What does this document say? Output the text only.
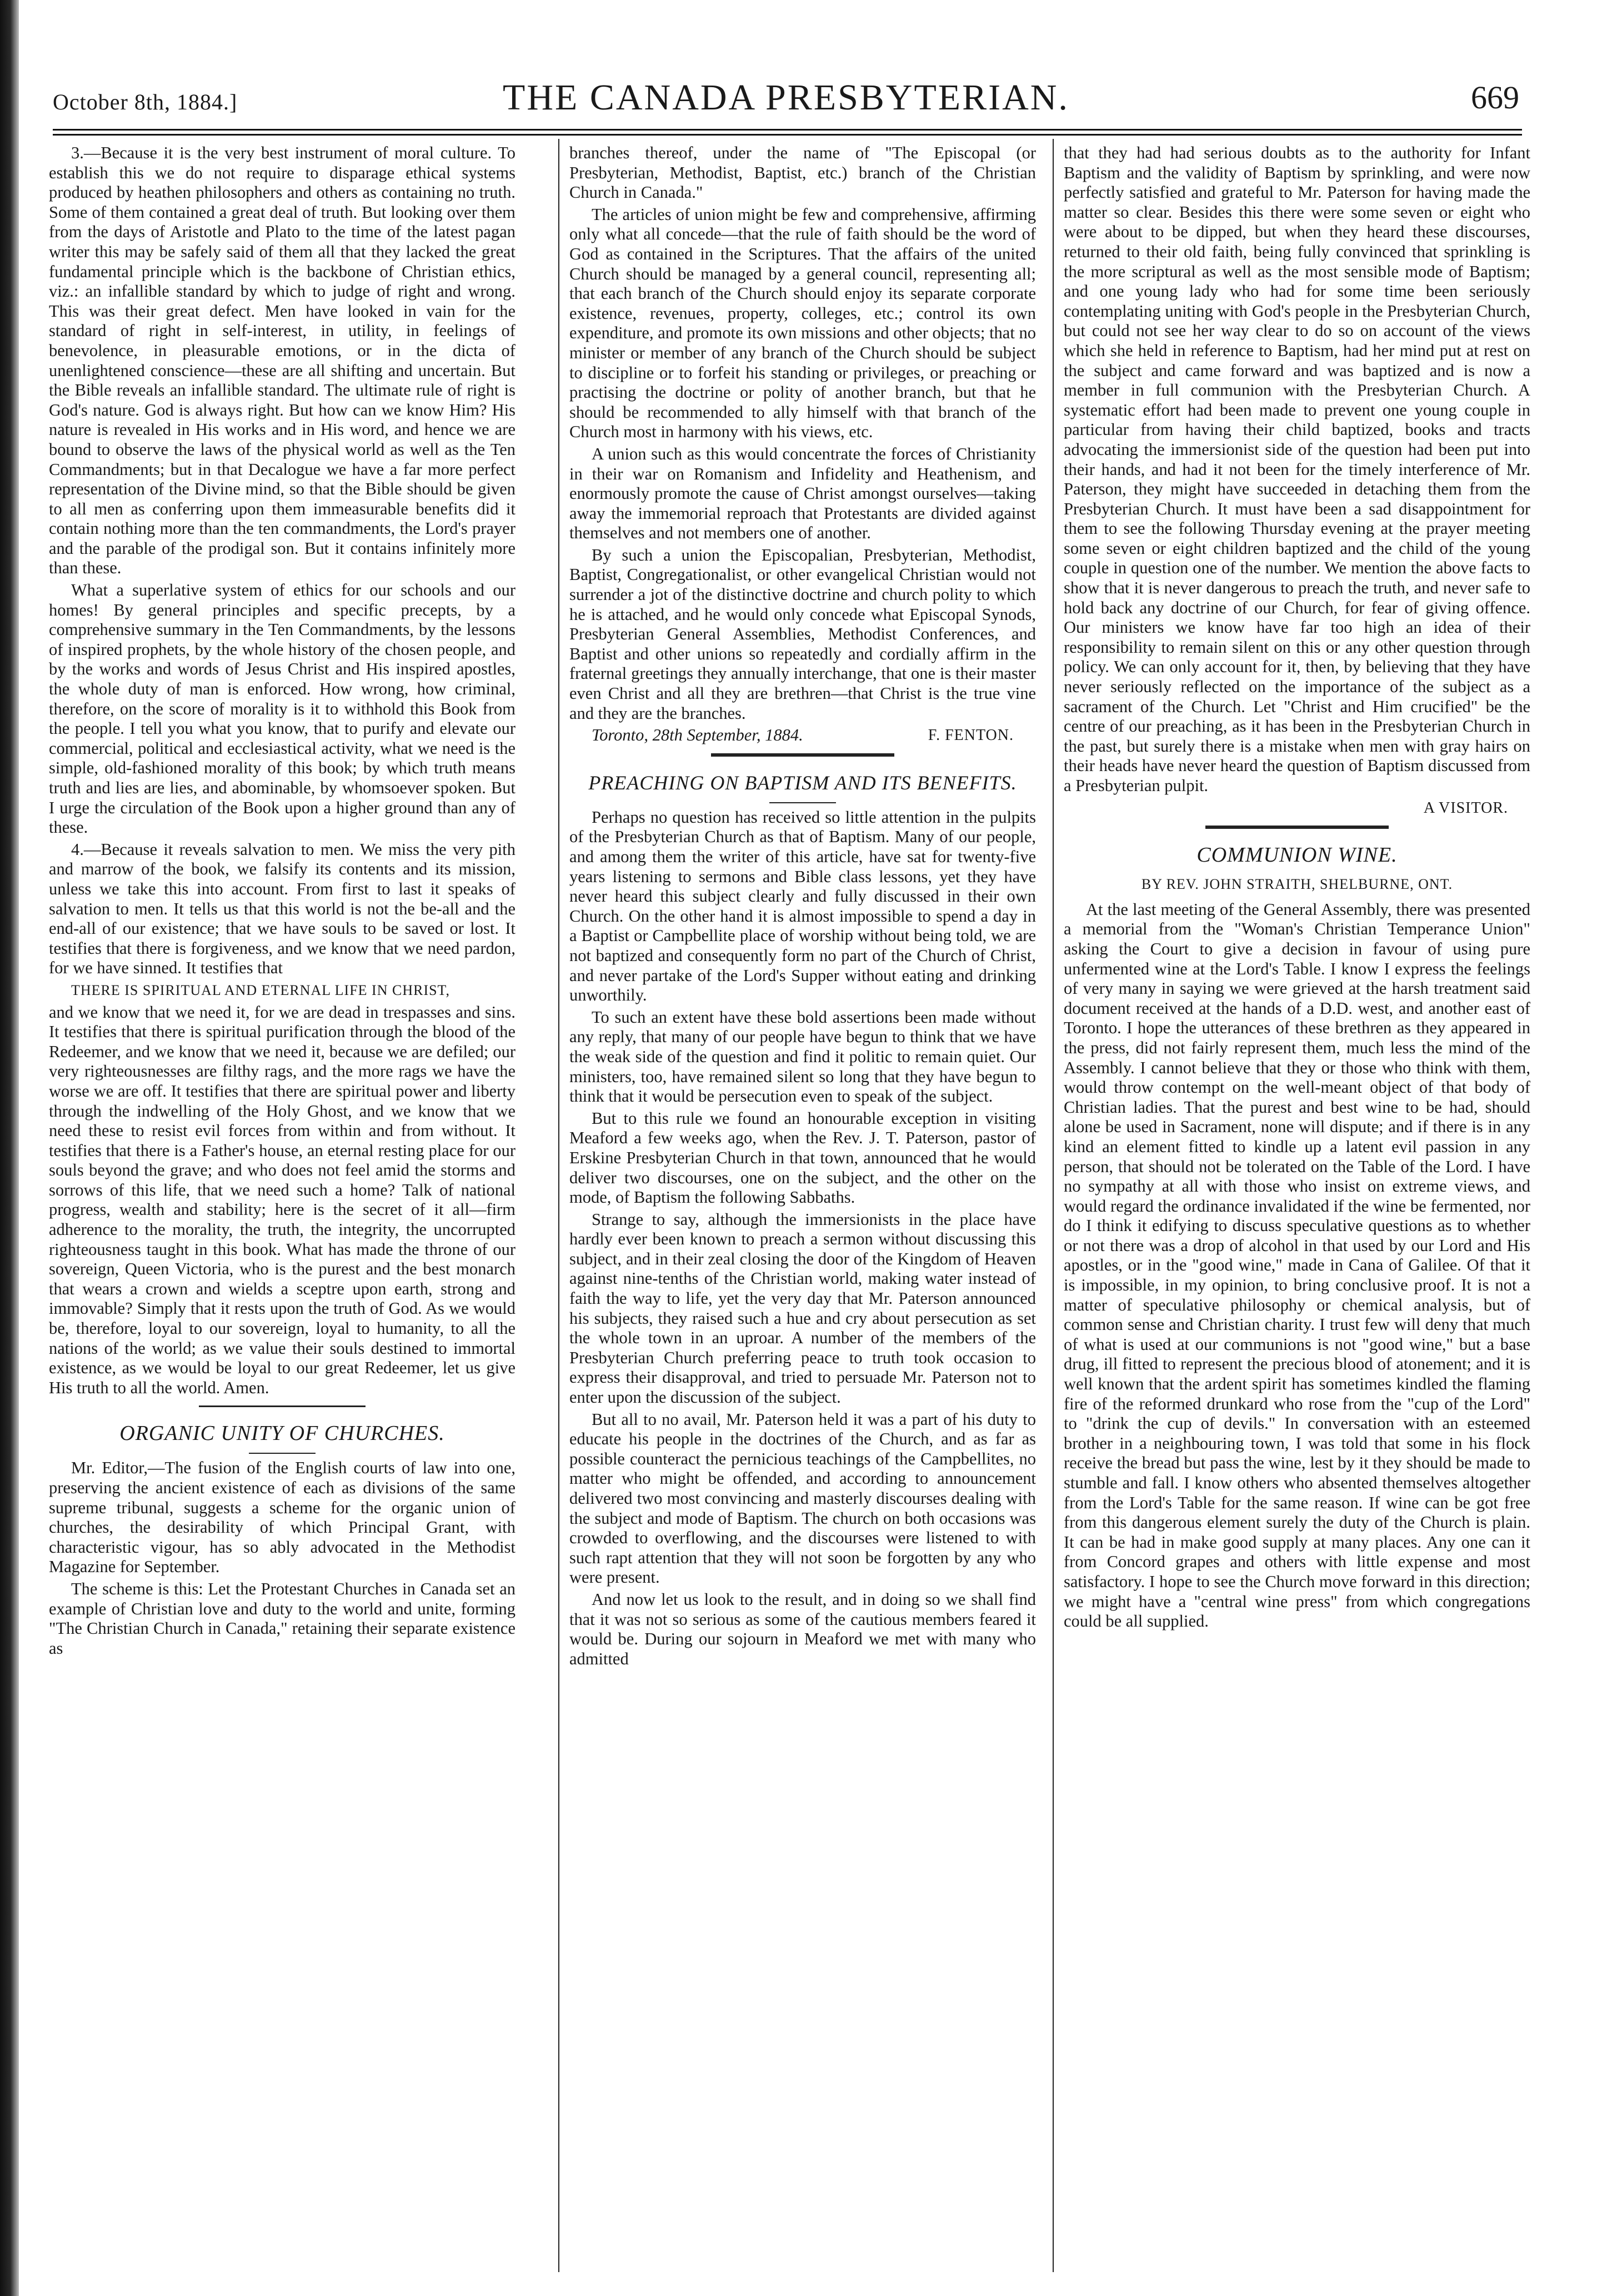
October 8th, 1884.]	THE CANADA PRESBYTERIAN.	669

3.—Because it is the very best instrument of moral culture. To establish this we do not require to disparage ethical systems produced by heathen philosophers and others as containing no truth. Some of them contained a great deal of truth. But looking over them from the days of Aristotle and Plato to the time of the latest pagan writer this may be safely said of them all that they lacked the great fundamental principle which is the backbone of Christian ethics, viz.: an infallible standard by which to judge of right and wrong. This was their great defect. Men have looked in vain for the standard of right in self-interest, in utility, in feelings of benevolence, in pleasurable emotions, or in the dicta of unenlightened conscience—these are all shifting and uncertain. But the Bible reveals an infallible standard. The ultimate rule of right is God's nature. God is always right. But how can we know Him? His nature is revealed in His works and in His word, and hence we are bound to observe the laws of the physical world as well as the Ten Commandments; but in that Decalogue we have a far more perfect representation of the Divine mind, so that the Bible should be given to all men as conferring upon them immeasurable benefits did it contain nothing more than the ten commandments, the Lord's prayer and the parable of the prodigal son. But it contains infinitely more than these.

What a superlative system of ethics for our schools and our homes! By general principles and specific precepts, by a comprehensive summary in the Ten Commandments, by the lessons of inspired prophets, by the whole history of the chosen people, and by the works and words of Jesus Christ and His inspired apostles, the whole duty of man is enforced. How wrong, how criminal, therefore, on the score of morality is it to withhold this Book from the people. I tell you what you know, that to purify and elevate our commercial, political and ecclesiastical activity, what we need is the simple, old-fashioned morality of this book; by which truth means truth and lies are lies, and abominable, by whomsoever spoken. But I urge the circulation of the Book upon a higher ground than any of these.

4.—Because it reveals salvation to men. We miss the very pith and marrow of the book, we falsify its contents and its mission, unless we take this into account. From first to last it speaks of salvation to men. It tells us that this world is not the be-all and the end-all of our existence; that we have souls to be saved or lost. It testifies that there is forgiveness, and we know that we need pardon, for we have sinned. It testifies that

THERE IS SPIRITUAL AND ETERNAL LIFE IN CHRIST,

and we know that we need it, for we are dead in trespasses and sins. It testifies that there is spiritual purification through the blood of the Redeemer, and we know that we need it, because we are defiled; our very righteousnesses are filthy rags, and the more rags we have the worse we are off. It testifies that there are spiritual power and liberty through the indwelling of the Holy Ghost, and we know that we need these to resist evil forces from within and from without. It testifies that there is a Father's house, an eternal resting place for our souls beyond the grave; and who does not feel amid the storms and sorrows of this life, that we need such a home? Talk of national progress, wealth and stability; here is the secret of it all—firm adherence to the morality, the truth, the integrity, the uncorrupted righteousness taught in this book. What has made the throne of our sovereign, Queen Victoria, who is the purest and the best monarch that wears a crown and wields a sceptre upon earth, strong and immovable? Simply that it rests upon the truth of God. As we would be, therefore, loyal to our sovereign, loyal to humanity, to all the nations of the world; as we value their souls destined to immortal existence, as we would be loyal to our great Redeemer, let us give His truth to all the world. Amen.

ORGANIC UNITY OF CHURCHES.

Mr. Editor,—The fusion of the English courts of law into one, preserving the ancient existence of each as divisions of the same supreme tribunal, suggests a scheme for the organic union of churches, the desirability of which Principal Grant, with characteristic vigour, has so ably advocated in the Methodist Magazine for September.

The scheme is this: Let the Protestant Churches in Canada set an example of Christian love and duty to the world and unite, forming "The Christian Church in Canada," retaining their separate existence as

branches thereof, under the name of "The Episcopal (or Presbyterian, Methodist, Baptist, etc.) branch of the Christian Church in Canada."

The articles of union might be few and comprehensive, affirming only what all concede—that the rule of faith should be the word of God as contained in the Scriptures. That the affairs of the united Church should be managed by a general council, representing all; that each branch of the Church should enjoy its separate corporate existence, revenues, property, colleges, etc.; control its own expenditure, and promote its own missions and other objects; that no minister or member of any branch of the Church should be subject to discipline or to forfeit his standing or privileges, or preaching or practising the doctrine or polity of another branch, but that he should be recommended to ally himself with that branch of the Church most in harmony with his views, etc.

A union such as this would concentrate the forces of Christianity in their war on Romanism and Infidelity and Heathenism, and enormously promote the cause of Christ amongst ourselves—taking away the immemorial reproach that Protestants are divided against themselves and not members one of another.

By such a union the Episcopalian, Presbyterian, Methodist, Baptist, Congregationalist, or other evangelical Christian would not surrender a jot of the distinctive doctrine and church polity to which he is attached, and he would only concede what Episcopal Synods, Presbyterian General Assemblies, Methodist Conferences, and Baptist and other unions so repeatedly and cordially affirm in the fraternal greetings they annually interchange, that one is their master even Christ and all they are brethren—that Christ is the true vine and they are the branches.

Toronto, 28th September, 1884.	F. FENTON.
PREACHING ON BAPTISM AND ITS BENEFITS.

Perhaps no question has received so little attention in the pulpits of the Presbyterian Church as that of Baptism. Many of our people, and among them the writer of this article, have sat for twenty-five years listening to sermons and Bible class lessons, yet they have never heard this subject clearly and fully discussed in their own Church. On the other hand it is almost impossible to spend a day in a Baptist or Campbellite place of worship without being told, we are not baptized and consequently form no part of the Church of Christ, and never partake of the Lord's Supper without eating and drinking unworthily.

To such an extent have these bold assertions been made without any reply, that many of our people have begun to think that we have the weak side of the question and find it politic to remain quiet. Our ministers, too, have remained silent so long that they have begun to think that it would be persecution even to speak of the subject.

But to this rule we found an honourable exception in visiting Meaford a few weeks ago, when the Rev. J. T. Paterson, pastor of Erskine Presbyterian Church in that town, announced that he would deliver two discourses, one on the subject, and the other on the mode, of Baptism the following Sabbaths.

Strange to say, although the immersionists in the place have hardly ever been known to preach a sermon without discussing this subject, and in their zeal closing the door of the Kingdom of Heaven against nine-tenths of the Christian world, making water instead of faith the way to life, yet the very day that Mr. Paterson announced his subjects, they raised such a hue and cry about persecution as set the whole town in an uproar. A number of the members of the Presbyterian Church preferring peace to truth took occasion to express their disapproval, and tried to persuade Mr. Paterson not to enter upon the discussion of the subject.

But all to no avail, Mr. Paterson held it was a part of his duty to educate his people in the doctrines of the Church, and as far as possible counteract the pernicious teachings of the Campbellites, no matter who might be offended, and according to announcement delivered two most convincing and masterly discourses dealing with the subject and mode of Baptism. The church on both occasions was crowded to overflowing, and the discourses were listened to with such rapt attention that they will not soon be forgotten by any who were present.

And now let us look to the result, and in doing so we shall find that it was not so serious as some of the cautious members feared it would be. During our sojourn in Meaford we met with many who admitted

that they had had serious doubts as to the authority for Infant Baptism and the validity of Baptism by sprinkling, and were now perfectly satisfied and grateful to Mr. Paterson for having made the matter so clear. Besides this there were some seven or eight who were about to be dipped, but when they heard these discourses, returned to their old faith, being fully convinced that sprinkling is the more scriptural as well as the most sensible mode of Baptism; and one young lady who had for some time been seriously contemplating uniting with God's people in the Presbyterian Church, but could not see her way clear to do so on account of the views which she held in reference to Baptism, had her mind put at rest on the subject and came forward and was baptized and is now a member in full communion with the Presbyterian Church. A systematic effort had been made to prevent one young couple in particular from having their child baptized, books and tracts advocating the immersionist side of the question had been put into their hands, and had it not been for the timely interference of Mr. Paterson, they might have succeeded in detaching them from the Presbyterian Church. It must have been a sad disappointment for them to see the following Thursday evening at the prayer meeting some seven or eight children baptized and the child of the young couple in question one of the number. We mention the above facts to show that it is never dangerous to preach the truth, and never safe to hold back any doctrine of our Church, for fear of giving offence. Our ministers we know have far too high an idea of their responsibility to remain silent on this or any other question through policy. We can only account for it, then, by believing that they have never seriously reflected on the importance of the subject as a sacrament of the Church. Let "Christ and Him crucified" be the centre of our preaching, as it has been in the Presbyterian Church in the past, but surely there is a mistake when men with gray hairs on their heads have never heard the question of Baptism discussed from a Presbyterian pulpit.

A VISITOR.
COMMUNION WINE.
BY REV. JOHN STRAITH, SHELBURNE, ONT.

At the last meeting of the General Assembly, there was presented a memorial from the "Woman's Christian Temperance Union" asking the Court to give a decision in favour of using pure unfermented wine at the Lord's Table. I know I express the feelings of very many in saying we were grieved at the harsh treatment said document received at the hands of a D.D. west, and another east of Toronto. I hope the utterances of these brethren as they appeared in the press, did not fairly represent them, much less the mind of the Assembly. I cannot believe that they or those who think with them, would throw contempt on the well-meant object of that body of Christian ladies. That the purest and best wine to be had, should alone be used in Sacrament, none will dispute; and if there is in any kind an element fitted to kindle up a latent evil passion in any person, that should not be tolerated on the Table of the Lord. I have no sympathy at all with those who insist on extreme views, and would regard the ordinance invalidated if the wine be fermented, nor do I think it edifying to discuss speculative questions as to whether or not there was a drop of alcohol in that used by our Lord and His apostles, or in the "good wine," made in Cana of Galilee. Of that it is impossible, in my opinion, to bring conclusive proof. It is not a matter of speculative philosophy or chemical analysis, but of common sense and Christian charity. I trust few will deny that much of what is used at our communions is not "good wine," but a base drug, ill fitted to represent the precious blood of atonement; and it is well known that the ardent spirit has sometimes kindled the flaming fire of the reformed drunkard who rose from the "cup of the Lord" to "drink the cup of devils." In conversation with an esteemed brother in a neighbouring town, I was told that some in his flock receive the bread but pass the wine, lest by it they should be made to stumble and fall. I know others who absented themselves altogether from the Lord's Table for the same reason. If wine can be got free from this dangerous element surely the duty of the Church is plain. It can be had in make good supply at many places. Any one can it from Concord grapes and others with little expense and most satisfactory. I hope to see the Church move forward in this direction; we might have a "central wine press" from which congregations could be all supplied.
